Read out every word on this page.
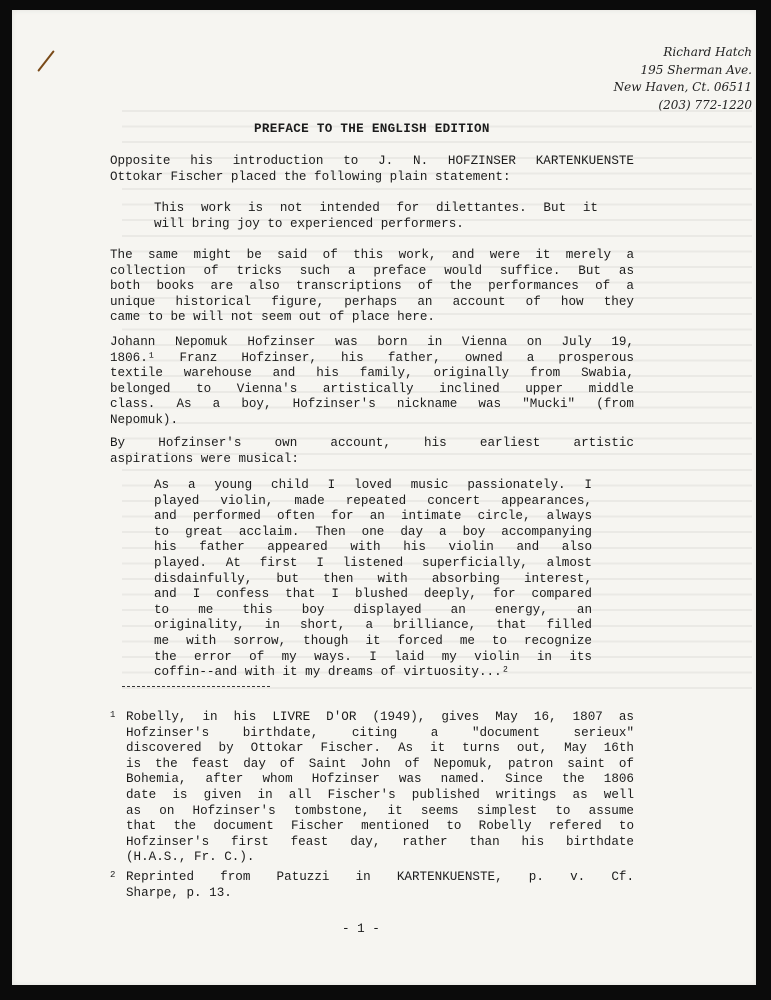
Richard Hatch
195 Sherman Ave.
New Haven, Ct. 06511
(203) 772-1220
PREFACE TO THE ENGLISH EDITION
Opposite his introduction to J. N. HOFZINSER KARTENKUENSTE
Ottokar Fischer placed the following plain statement:
This work is not intended for dilettantes. But it
will bring joy to experienced performers.
The same might be said of this work, and were it merely a
collection of tricks such a preface would suffice. But as
both books are also transcriptions of the performances of a
unique historical figure, perhaps an account of how they
came to be will not seem out of place here.
Johann Nepomuk Hofzinser was born in Vienna on July 19,
1806.¹ Franz Hofzinser, his father, owned a prosperous
textile warehouse and his family, originally from Swabia,
belonged to Vienna's artistically inclined upper middle
class. As a boy, Hofzinser's nickname was "Mucki" (from
Nepomuk).
By Hofzinser's own account, his earliest artistic
aspirations were musical:
As a young child I loved music passionately. I
played violin, made repeated concert appearances,
and performed often for an intimate circle, always
to great acclaim. Then one day a boy accompanying
his father appeared with his violin and also
played. At first I listened superficially, almost
disdainfully, but then with absorbing interest,
and I confess that I blushed deeply, for compared
to me this boy displayed an energy, an
originality, in short, a brilliance, that filled
me with sorrow, though it forced me to recognize
the error of my ways. I laid my violin in its
coffin--and with it my dreams of virtuosity...²
1 Robelly, in his LIVRE D'OR (1949), gives May 16, 1807 as
Hofzinser's birthdate, citing a "document serieux"
discovered by Ottokar Fischer. As it turns out, May 16th
is the feast day of Saint John of Nepomuk, patron saint of
Bohemia, after whom Hofzinser was named. Since the 1806
date is given in all Fischer's published writings as well
as on Hofzinser's tombstone, it seems simplest to assume
that the document Fischer mentioned to Robelly refered to
Hofzinser's first feast day, rather than his birthdate
(H.A.S., Fr. C.).
2 Reprinted from Patuzzi in KARTENKUENSTE, p. v. Cf.
Sharpe, p. 13.
- 1 -
